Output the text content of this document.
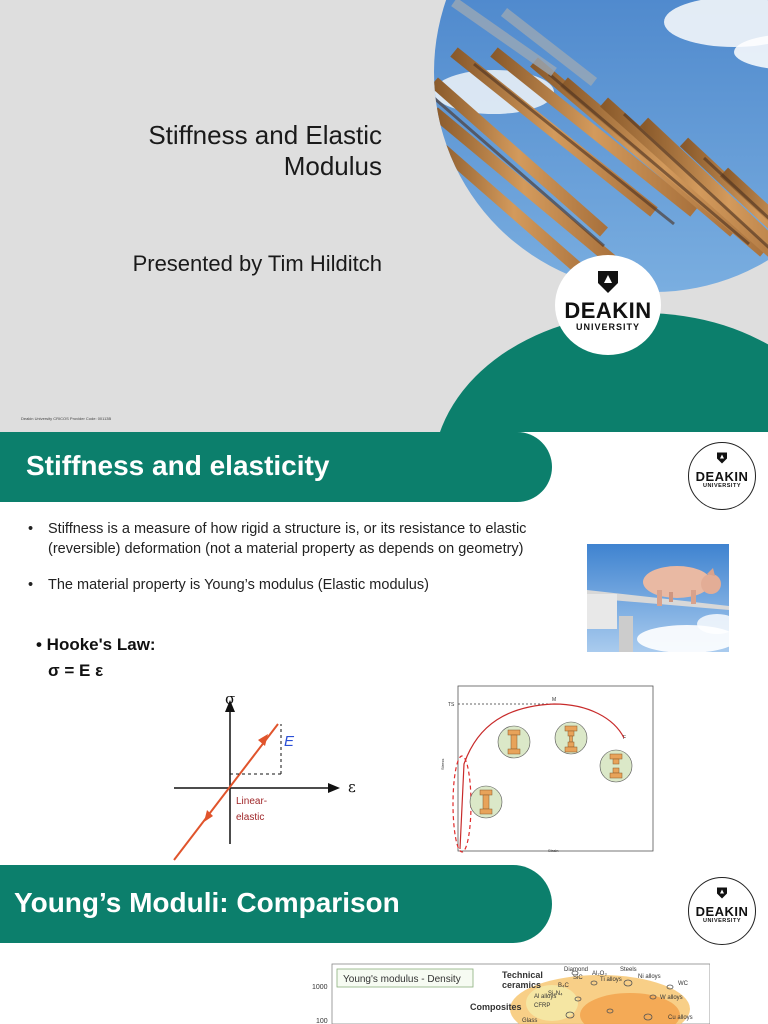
Stiffness and Elastic
Modulus
Presented by Tim Hilditch
Deakin University CRICOS Provider Code: 00113B
DEAKIN
UNIVERSITY
Stiffness and elasticity	DEAKIN
UNIVERSITY
• Stiffness is a measure of how rigid a structure is, or its resistance to elastic (reversible) deformation (not a material property as depends on geometry)
• The material property is Young’s modulus (Elastic modulus)
• Hooke's Law:
σ = E ε
σ
ε
E
Linear-
elastic
TS
M
F
Stress
Strain
Young’s Moduli: Comparison	DEAKIN
UNIVERSITY
1000
100
Young's modulus - Density	Technical
ceramics
Composites
Diamond
Al₂O₃
Steels
SiC	Ti alloys	Ni alloys
B₄C
Si₃N₄
WC
W alloys
Al alloys
CFRP
Cu alloys
Glass
